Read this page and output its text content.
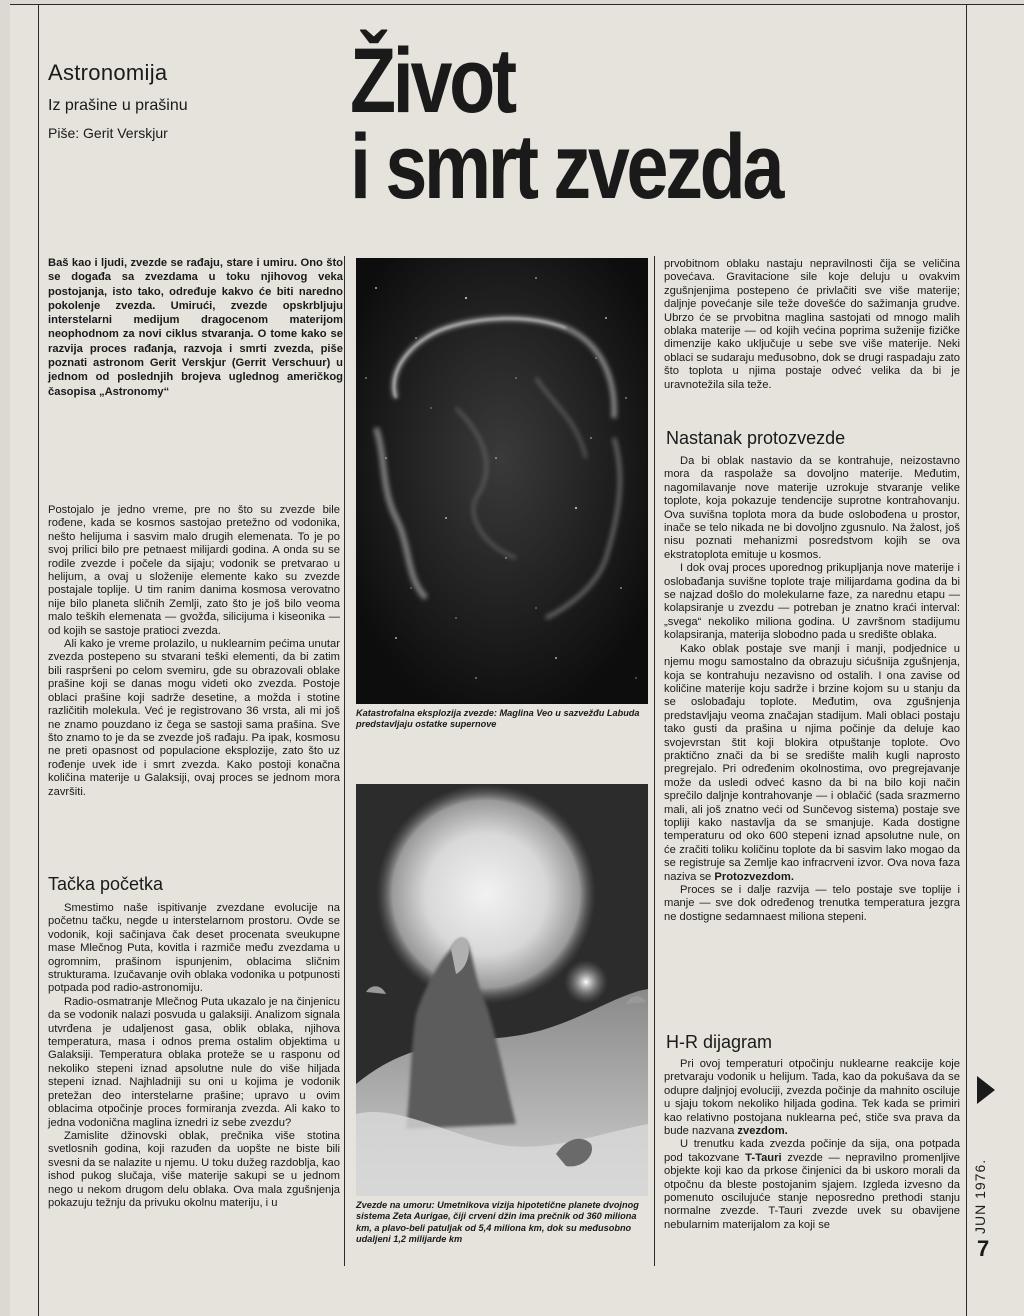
Astronomija
Iz prašine u prašinu
Piše: Gerit Verskjur
Život
i smrt zvezda
Baš kao i ljudi, zvezde se rađaju, stare i umiru. Ono što se događa sa zvezdama u toku njihovog veka postojanja, isto tako, određuje kakvo će biti naredno pokolenje zvezda. Umirući, zvezde opskrbljuju interstelarni medijum dragocenom materijom neophodnom za novi ciklus stvaranja. O tome kako se razvija proces rađanja, razvoja i smrti zvezda, piše poznati astronom Gerit Verskjur (Gerrit Verschuur) u jednom od poslednjih brojeva uglednog američkog časopisa „Astronomy“

Postojalo je jedno vreme, pre no što su zvezde bile rođene, kada se kosmos sastojao pretežno od vodonika, nešto helijuma i sasvim malo drugih elemenata. To je po svoj prilici bilo pre petnaest milijardi godina. A onda su se rodile zvezde i počele da sijaju; vodonik se pretvarao u helijum, a ovaj u složenije elemente kako su zvezde postajale toplije. U tim ranim danima kosmosa verovatno nije bilo planeta sličnih Zemlji, zato što je još bilo veoma malo teških elemenata — gvožđa, silicijuma i kiseonika — od kojih se sastoje pratioci zvezda.

Ali kako je vreme prolazilo, u nuklearnim pećima unutar zvezda postepeno su stvarani teški elementi, da bi zatim bili raspršeni po celom svemiru, gde su obrazovali oblake prašine koji se danas mogu videti oko zvezda. Postoje oblaci prašine koji sadrže desetine, a možda i stotine različitih molekula. Već je registrovano 36 vrsta, ali mi još ne znamo pouzdano iz čega se sastoji sama prašina. Sve što znamo to je da se zvezde još rađaju. Pa ipak, kosmosu ne preti opasnost od populacione eksplozije, zato što uz rođenje uvek ide i smrt zvezda. Kako postoji konačna količina materije u Galaksiji, ovaj proces se jednom mora završiti.

Tačka početka

Smestimo naše ispitivanje zvezdane evolucije na početnu tačku, negde u interstelarnom prostoru. Ovde se vodonik, koji sačinjava čak deset procenata sveukupne mase Mlečnog Puta, kovitla i razmiče među zvezdama u ogromnim, prašinom ispunjenim, oblacima sličnim strukturama. Izučavanje ovih oblaka vodonika u potpunosti potpada pod radio-astronomiju.

Radio-osmatranje Mlečnog Puta ukazalo je na činjenicu da se vodonik nalazi posvuda u galaksiji. Analizom signala utvrđena je udaljenost gasa, oblik oblaka, njihova temperatura, masa i odnos prema ostalim objektima u Galaksiji. Temperatura oblaka proteže se u rasponu od nekoliko stepeni iznad apsolutne nule do više hiljada stepeni iznad. Najhladniji su oni u kojima je vodonik pretežan deo interstelarne prašine; upravo u ovim oblacima otpočinje proces formiranja zvezda. Ali kako to jedna vodonična maglina iznedri iz sebe zvezdu?

Zamislite džinovski oblak, prečnika više stotina svetlosnih godina, koji razuđen da uopšte ne biste bili svesni da se nalazite u njemu. U toku dužeg razdoblja, kao ishod pukog slučaja, više materije sakupi se u jednom nego u nekom drugom delu oblaka. Ova mala zgušnjenja pokazuju težnju da privuku okolnu materiju, i u

Katastrofalna eksplozija zvezde: Maglina Veo u sazvežđu Labuda predstavljaju ostatke supernove
Zvezde na umoru: Umetnikova vizija hipotetične planete dvojnog sistema Zeta Aurigae, čiji crveni džin ima prečnik od 360 miliona km, a plavo-beli patuljak od 5,4 miliona km, dok su međusobno udaljeni 1,2 milijarde km

prvobitnom oblaku nastaju nepravilnosti čija se veličina povećava. Gravitacione sile koje deluju u ovakvim zgušnjenjima postepeno će privlačiti sve više materije; daljnje povećanje sile teže dovešće do sažimanja grudve. Ubrzo će se prvobitna maglina sastojati od mnogo malih oblaka materije — od kojih većina poprima suženije fizičke dimenzije kako uključuje u sebe sve više materije. Neki oblaci se sudaraju međusobno, dok se drugi raspadaju zato što toplota u njima postaje odveć velika da bi je uravnotežila sila teže.

Nastanak protozvezde

Da bi oblak nastavio da se kontrahuje, neizostavno mora da raspolaže sa dovoljno materije. Međutim, nagomilavanje nove materije uzrokuje stvaranje velike toplote, koja pokazuje tendencije suprotne kontrahovanju. Ova suvišna toplota mora da bude oslobođena u prostor, inače se telo nikada ne bi dovoljno zgusnulo. Na žalost, još nisu poznati mehanizmi posredstvom kojih se ova ekstratoplota emituje u kosmos.

I dok ovaj proces uporednog prikupljanja nove materije i oslobađanja suvišne toplote traje milijardama godina da bi se najzad došlo do molekularne faze, za narednu etapu — kolapsiranje u zvezdu — potreban je znatno kraći interval: „svega“ nekoliko miliona godina. U završnom stadijumu kolapsiranja, materija slobodno pada u središte oblaka.

Kako oblak postaje sve manji i manji, podjednice u njemu mogu samostalno da obrazuju sićušnija zgušnjenja, koja se kontrahuju nezavisno od ostalih. I ona zavise od količine materije koju sadrže i brzine kojom su u stanju da se oslobađaju toplote. Međutim, ova zgušnjenja predstavljaju veoma značajan stadijum. Mali oblaci postaju tako gusti da prašina u njima počinje da deluje kao svojevrstan štit koji blokira otpuštanje toplote. Ovo praktično znači da bi se središte malih kugli naprosto pregrejalo. Pri određenim okolnostima, ovo pregrejavanje može da usledi odveć kasno da bi na bilo koji način sprečilo daljnje kontrahovanje — i oblačić (sada srazmerno mali, ali još znatno veći od Sunčevog sistema) postaje sve topliji kako nastavlja da se smanjuje. Kada dostigne temperaturu od oko 600 stepeni iznad apsolutne nule, on će zračiti toliku količinu toplote da bi sasvim lako mogao da se registruje sa Zemlje kao infracrveni izvor. Ova nova faza naziva se Protozvezdom.

Proces se i dalje razvija — telo postaje sve toplije i manje — sve dok određenog trenutka temperatura jezgra ne dostigne sedamnaest miliona stepeni.

H-R dijagram

Pri ovoj temperaturi otpočinju nuklearne reakcije koje pretvaraju vodonik u helijum. Tada, kao da pokušava da se odupre daljnjoj evoluciji, zvezda počinje da mahnito osciluje u sjaju tokom nekoliko hiljada godina. Tek kada se primiri kao relativno postojana nuklearna peć, stiče sva prava da bude nazvana zvezdom.

U trenutku kada zvezda počinje da sija, ona potpada pod takozvane T-Tauri zvezde — nepravilno promenljive objekte koji kao da prkose činjenici da bi uskoro morali da otpočnu da bleste postojanim sjajem. Izgleda izvesno da pomenuto oscilujuće stanje neposredno prethodi stanju normalne zvezde. T-Tauri zvezde uvek su obavijene nebularnim materijalom za koji se	JUN 1976.
7
